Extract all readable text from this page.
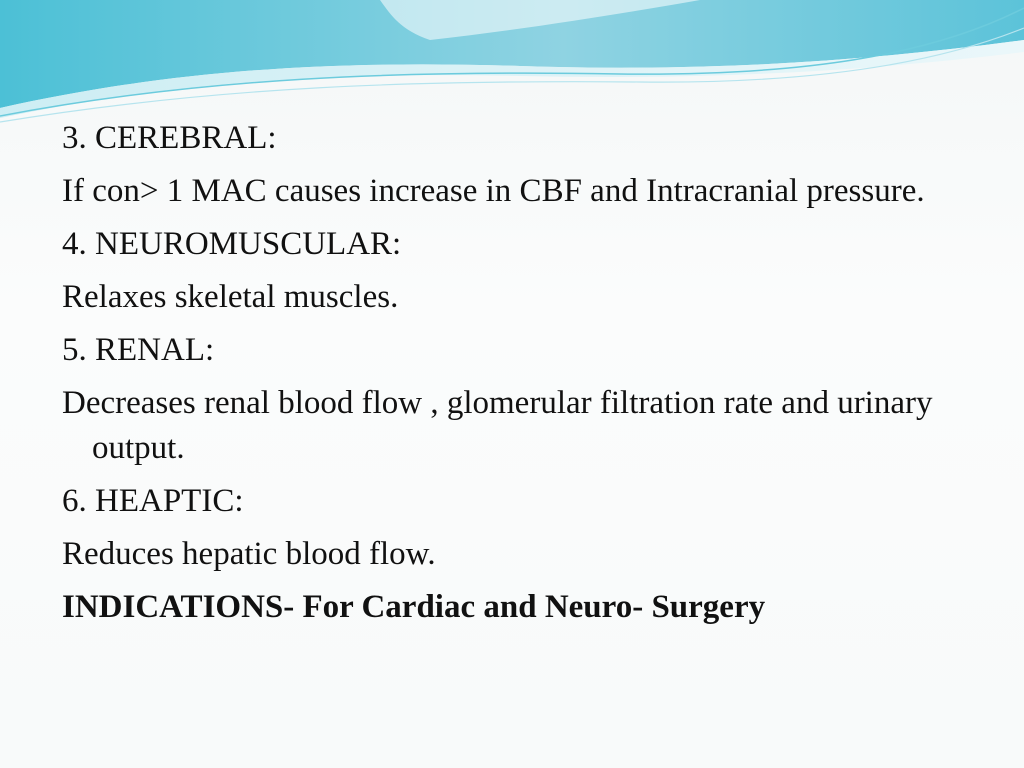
3. CEREBRAL:

If con> 1 MAC causes increase in CBF and Intracranial pressure.

4. NEUROMUSCULAR:

Relaxes skeletal muscles.

5. RENAL:

Decreases renal blood flow , glomerular filtration rate and urinary output.

6. HEAPTIC:

Reduces hepatic blood flow.

INDICATIONS- For Cardiac and Neuro- Surgery
